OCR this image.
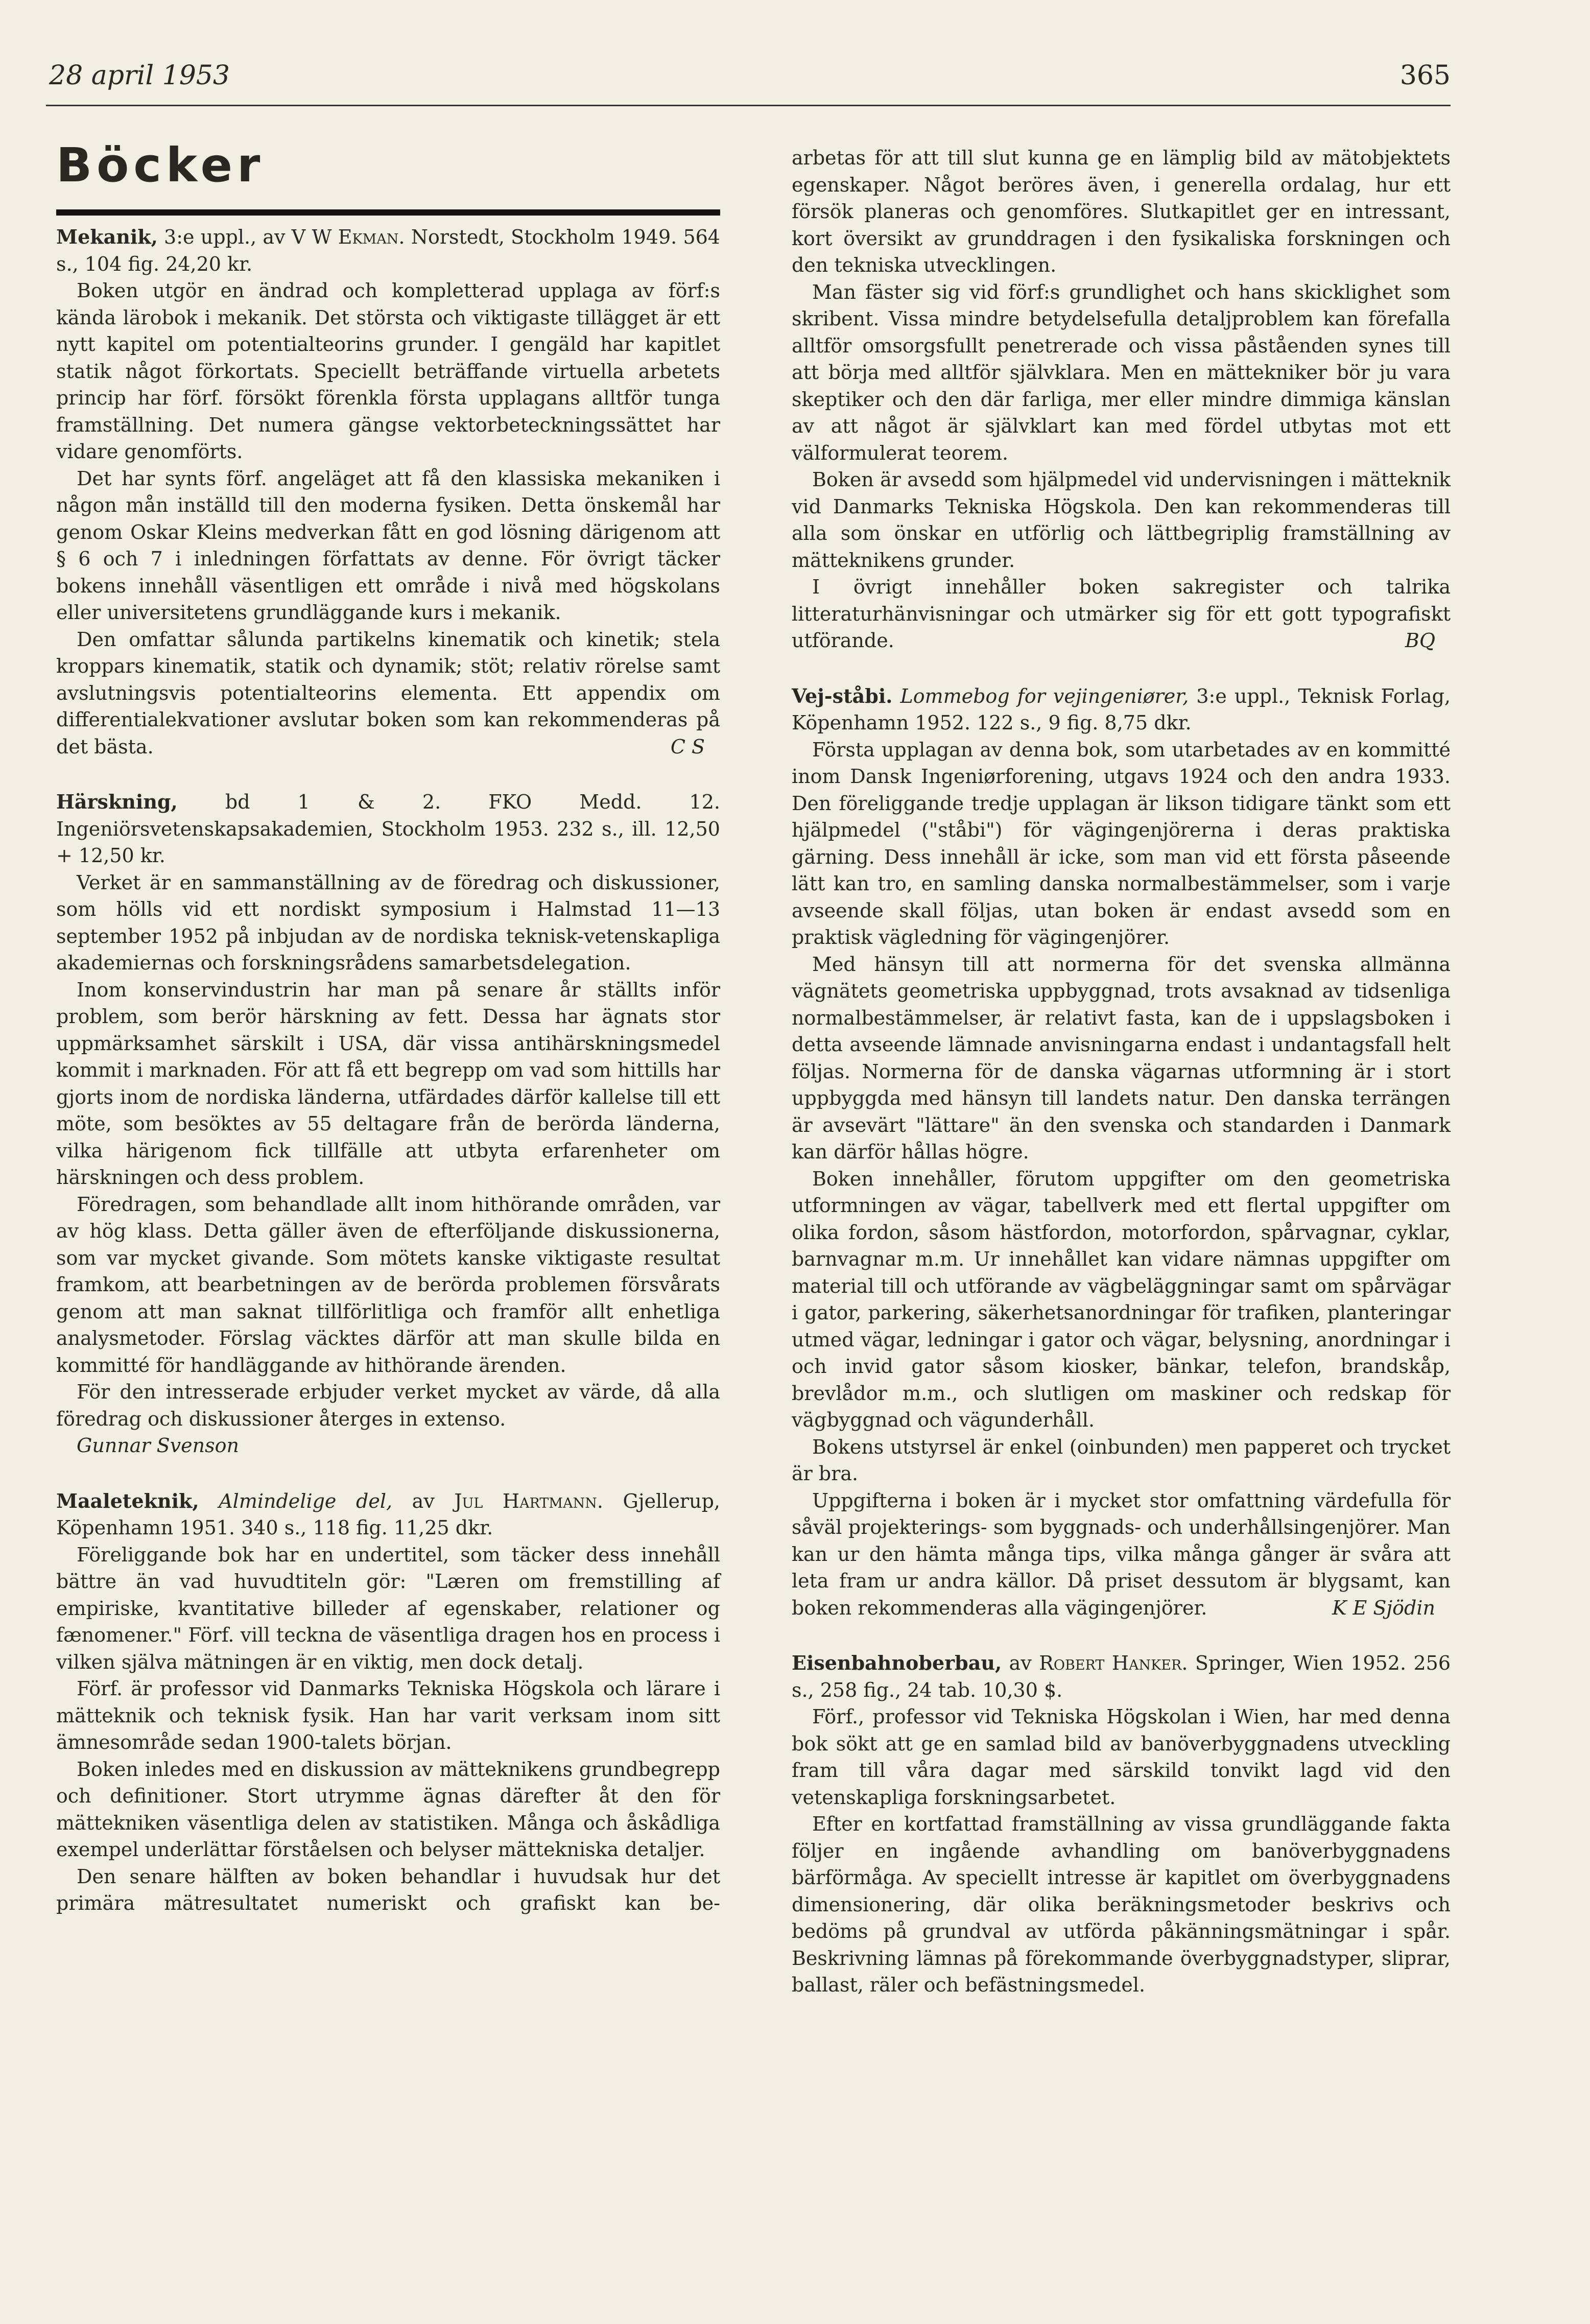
28 april 1953	365
Böcker

Mekanik, 3:e uppl., av V W Ekman. Norstedt, Stockholm 1949. 564 s., 104 fig. 24,20 kr.

Boken utgör en ändrad och kompletterad upplaga av förf:s kända lärobok i mekanik. Det största och viktigaste tillägget är ett nytt kapitel om potentialteorins grunder. I gengäld har kapitlet statik något förkortats. Speciellt beträffande virtuella arbetets princip har förf. försökt förenkla första upplagans alltför tunga framställning. Det numera gängse vektorbeteckningssättet har vidare genomförts.

Det har synts förf. angeläget att få den klassiska mekaniken i någon mån inställd till den moderna fysiken. Detta önskemål har genom Oskar Kleins medverkan fått en god lösning därigenom att § 6 och 7 i inledningen författats av denne. För övrigt täcker bokens innehåll väsentligen ett område i nivå med högskolans eller universitetens grundläggande kurs i mekanik.

Den omfattar sålunda partikelns kinematik och kinetik; stela kroppars kinematik, statik och dynamik; stöt; relativ rörelse samt avslutningsvis potentialteorins elementa. Ett appendix om differentialekvationer avslutar boken som kan rekommenderas på det bästa.	C S

Härskning, bd 1 & 2. FKO Medd. 12. Ingeniörsvetenskapsakademien, Stockholm 1953. 232 s., ill. 12,50 + 12,50 kr.

Verket är en sammanställning av de föredrag och diskussioner, som hölls vid ett nordiskt symposium i Halmstad 11—13 september 1952 på inbjudan av de nordiska teknisk-vetenskapliga akademiernas och forskningsrådens samarbetsdelegation.

Inom konservindustrin har man på senare år ställts inför problem, som berör härskning av fett. Dessa har ägnats stor uppmärksamhet särskilt i USA, där vissa antihärskningsmedel kommit i marknaden. För att få ett begrepp om vad som hittills har gjorts inom de nordiska länderna, utfärdades därför kallelse till ett möte, som besöktes av 55 deltagare från de berörda länderna, vilka härigenom fick tillfälle att utbyta erfarenheter om härskningen och dess problem.

Föredragen, som behandlade allt inom hithörande områden, var av hög klass. Detta gäller även de efterföljande diskussionerna, som var mycket givande. Som mötets kanske viktigaste resultat framkom, att bearbetningen av de berörda problemen försvårats genom att man saknat tillförlitliga och framför allt enhetliga analysmetoder. Förslag väcktes därför att man skulle bilda en kommitté för handläggande av hithörande ärenden.

För den intresserade erbjuder verket mycket av värde, då alla föredrag och diskussioner återges in extenso.

Gunnar Svenson

Maaleteknik, Almindelige del, av Jul Hartmann. Gjellerup, Köpenhamn 1951. 340 s., 118 fig. 11,25 dkr.

Föreliggande bok har en undertitel, som täcker dess innehåll bättre än vad huvudtiteln gör: "Læren om fremstilling af empiriske, kvantitative billeder af egenskaber, relationer og fænomener." Förf. vill teckna de väsentliga dragen hos en process i vilken själva mätningen är en viktig, men dock detalj.

Förf. är professor vid Danmarks Tekniska Högskola och lärare i mätteknik och teknisk fysik. Han har varit verksam inom sitt ämnesområde sedan 1900-talets början.

Boken inledes med en diskussion av mätteknikens grundbegrepp och definitioner. Stort utrymme ägnas därefter åt den för mättekniken väsentliga delen av statistiken. Många och åskådliga exempel underlättar förståelsen och belyser mättekniska detaljer.

Den senare hälften av boken behandlar i huvudsak hur det primära mätresultatet numeriskt och grafiskt kan be-

arbetas för att till slut kunna ge en lämplig bild av mätobjektets egenskaper. Något beröres även, i generella ordalag, hur ett försök planeras och genomföres. Slutkapitlet ger en intressant, kort översikt av grunddragen i den fysikaliska forskningen och den tekniska utvecklingen.

Man fäster sig vid förf:s grundlighet och hans skicklighet som skribent. Vissa mindre betydelsefulla detaljproblem kan förefalla alltför omsorgsfullt penetrerade och vissa påståenden synes till att börja med alltför självklara. Men en mättekniker bör ju vara skeptiker och den där farliga, mer eller mindre dimmiga känslan av att något är självklart kan med fördel utbytas mot ett välformulerat teorem.

Boken är avsedd som hjälpmedel vid undervisningen i mätteknik vid Danmarks Tekniska Högskola. Den kan rekommenderas till alla som önskar en utförlig och lättbegriplig framställning av mätteknikens grunder.

I övrigt innehåller boken sakregister och talrika litteraturhänvisningar och utmärker sig för ett gott typografiskt utförande.	BQ

Vej-ståbi. Lommebog for vejingeniører, 3:e uppl., Teknisk Forlag, Köpenhamn 1952. 122 s., 9 fig. 8,75 dkr.

Första upplagan av denna bok, som utarbetades av en kommitté inom Dansk Ingeniørforening, utgavs 1924 och den andra 1933. Den föreliggande tredje upplagan är likson tidigare tänkt som ett hjälpmedel ("ståbi") för vägingenjörerna i deras praktiska gärning. Dess innehåll är icke, som man vid ett första påseende lätt kan tro, en samling danska normalbestämmelser, som i varje avseende skall följas, utan boken är endast avsedd som en praktisk vägledning för vägingenjörer.

Med hänsyn till att normerna för det svenska allmänna vägnätets geometriska uppbyggnad, trots avsaknad av tidsenliga normalbestämmelser, är relativt fasta, kan de i uppslagsboken i detta avseende lämnade anvisningarna endast i undantagsfall helt följas. Normerna för de danska vägarnas utformning är i stort uppbyggda med hänsyn till landets natur. Den danska terrängen är avsevärt "lättare" än den svenska och standarden i Danmark kan därför hållas högre.

Boken innehåller, förutom uppgifter om den geometriska utformningen av vägar, tabellverk med ett flertal uppgifter om olika fordon, såsom hästfordon, motorfordon, spårvagnar, cyklar, barnvagnar m.m. Ur innehållet kan vidare nämnas uppgifter om material till och utförande av vägbeläggningar samt om spårvägar i gator, parkering, säkerhetsanordningar för trafiken, planteringar utmed vägar, ledningar i gator och vägar, belysning, anordningar i och invid gator såsom kiosker, bänkar, telefon, brandskåp, brevlådor m.m., och slutligen om maskiner och redskap för vägbyggnad och vägunderhåll.

Bokens utstyrsel är enkel (oinbunden) men papperet och trycket är bra.

Uppgifterna i boken är i mycket stor omfattning värdefulla för såväl projekterings- som byggnads- och underhållsingenjörer. Man kan ur den hämta många tips, vilka många gånger är svåra att leta fram ur andra källor. Då priset dessutom är blygsamt, kan boken rekommenderas alla vägingenjörer.	K E Sjödin

Eisenbahnoberbau, av Robert Hanker. Springer, Wien 1952. 256 s., 258 fig., 24 tab. 10,30 $.

Förf., professor vid Tekniska Högskolan i Wien, har med denna bok sökt att ge en samlad bild av banöverbyggnadens utveckling fram till våra dagar med särskild tonvikt lagd vid den vetenskapliga forskningsarbetet.

Efter en kortfattad framställning av vissa grundläggande fakta följer en ingående avhandling om banöverbyggnadens bärförmåga. Av speciellt intresse är kapitlet om överbyggnadens dimensionering, där olika beräkningsmetoder beskrivs och bedöms på grundval av utförda påkänningsmätningar i spår. Beskrivning lämnas på förekommande överbyggnadstyper, sliprar, ballast, räler och befästningsmedel.
